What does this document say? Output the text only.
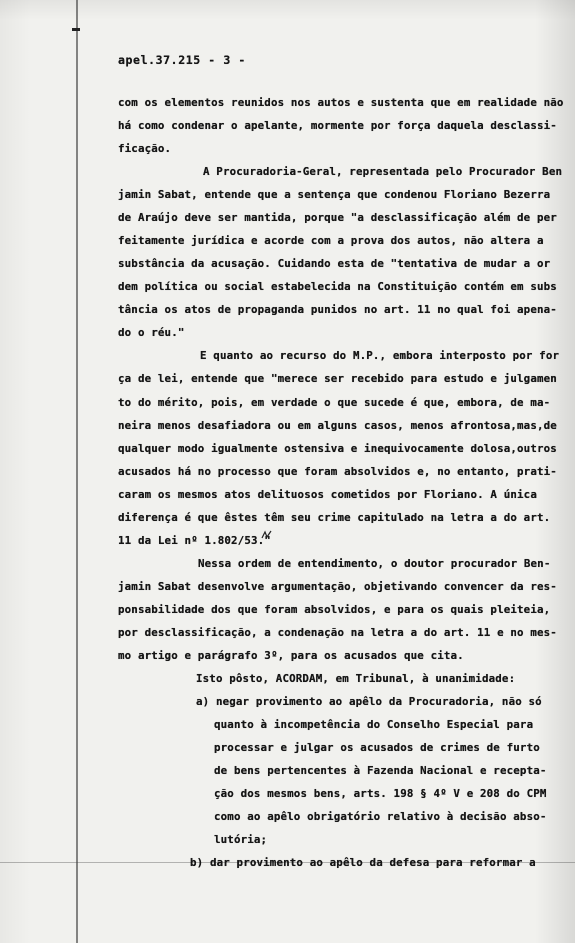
apel.37.215 - 3 -
com os elementos reunidos nos autos e sustenta que em realidade não
há como condenar o apelante, mormente por força daquela desclassi-
ficação.
A Procuradoria-Geral, representada pelo Procurador Ben
jamin Sabat, entende que a sentença que condenou Floriano Bezerra
de Araújo deve ser mantida, porque "a desclassificação além de per
feitamente jurídica e acorde com a prova dos autos, não altera a
substância da acusação. Cuidando esta de "tentativa de mudar a or
dem política ou social estabelecida na Constituição contém em subs
tância os atos de propaganda punidos no art. 11 no qual foi apena-
do o réu."
E quanto ao recurso do M.P., embora interposto por for
ça de lei, entende que "merece ser recebido para estudo e julgamen
to do mérito, pois, em verdade o que sucede é que, embora, de ma-
neira menos desafiadora ou em alguns casos, menos afrontosa,mas,de
qualquer modo igualmente ostensiva e inequivocamente dolosa,outros
acusados há no processo que foram absolvidos e, no entanto, prati-
caram os mesmos atos delituosos cometidos por Floriano. A única
diferença é que êstes têm seu crime capitulado na letra a do art.
11 da Lei nº 1.802/53."
Nessa ordem de entendimento, o doutor procurador Ben-
jamin Sabat desenvolve argumentação, objetivando convencer da res-
ponsabilidade dos que foram absolvidos, e para os quais pleiteia,
por desclassificação, a condenação na letra a do art. 11 e no mes-
mo artigo e parágrafo 3º, para os acusados que cita.
Isto pôsto, ACORDAM, em Tribunal, à unanimidade:
a) negar provimento ao apêlo da Procuradoria, não só
quanto à incompetência do Conselho Especial para
processar e julgar os acusados de crimes de furto
de bens pertencentes à Fazenda Nacional e recepta-
ção dos mesmos bens, arts. 198 § 4º V e 208 do CPM
como ao apêlo obrigatório relativo à decisão abso-
lutória;
b) dar provimento ao apêlo da defesa para reformar a
